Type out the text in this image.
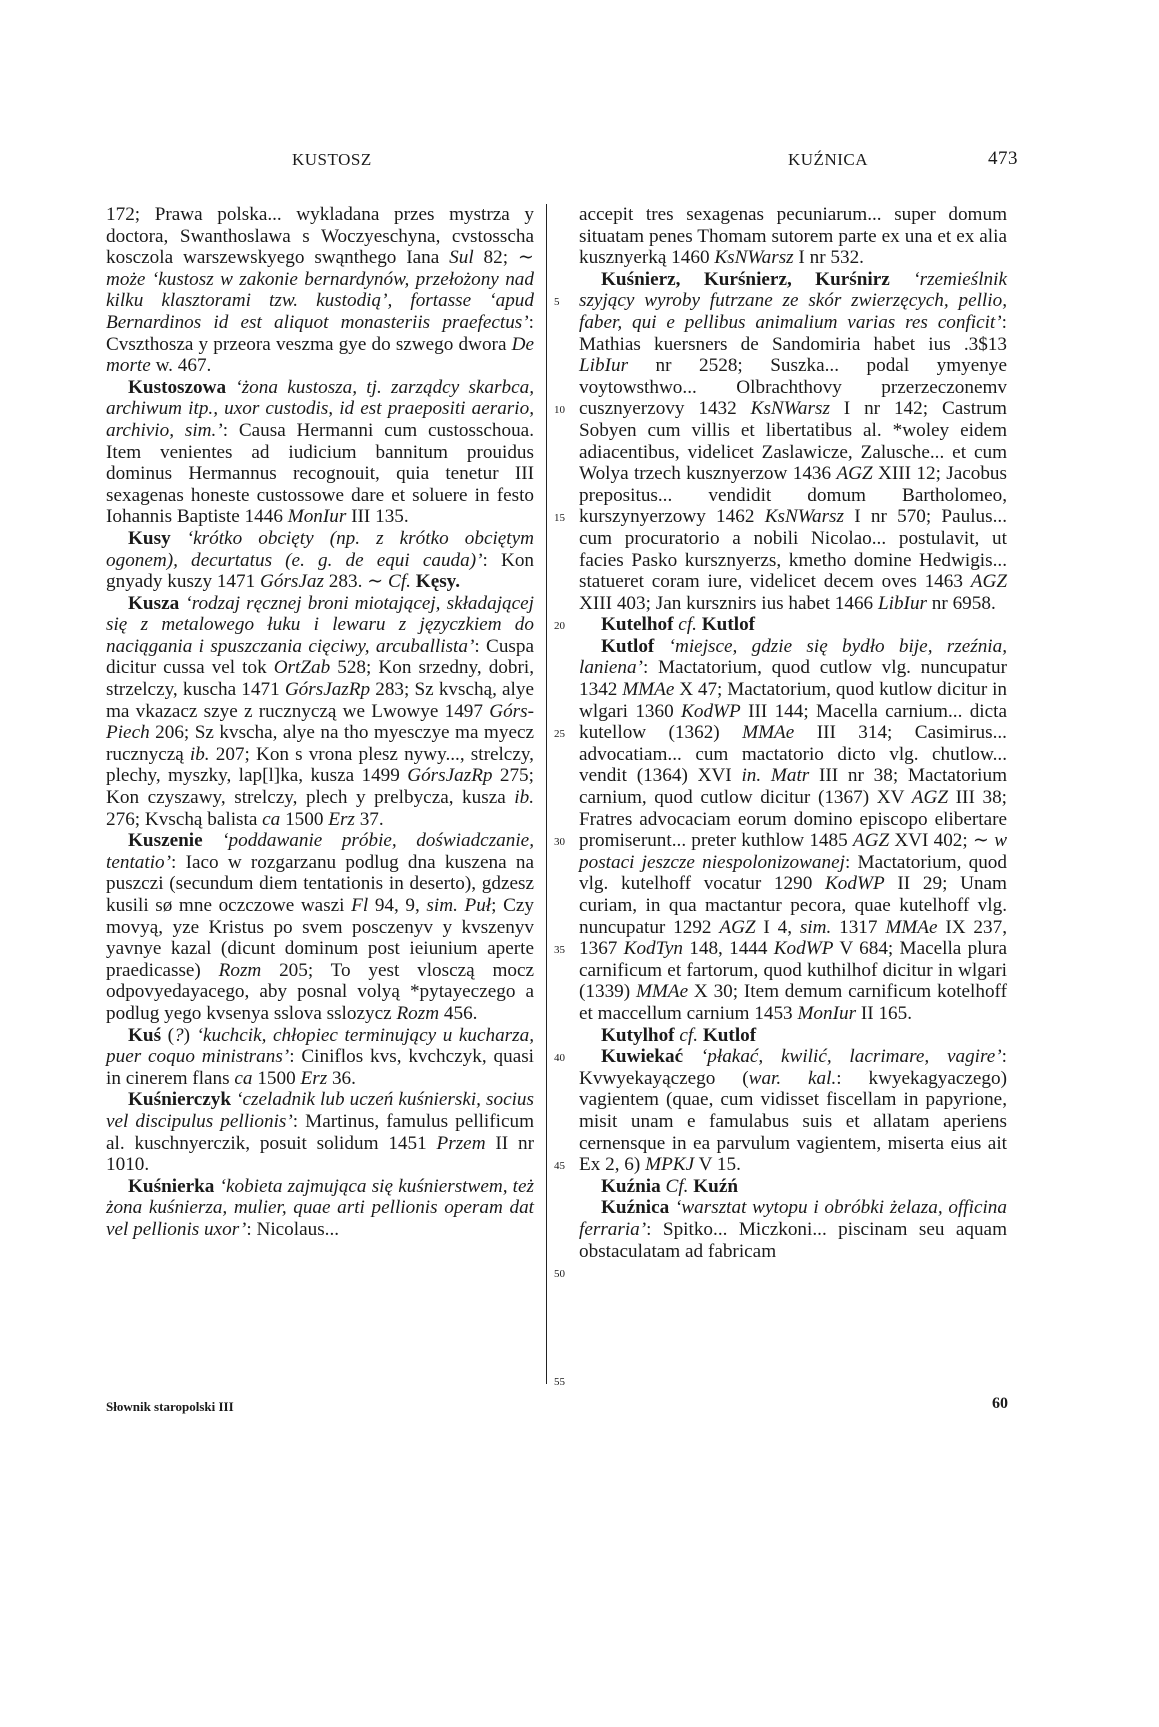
KUSTOSZ	KUŹNICA	473

172; Prawa polska... wykladana przes mystrza y doctora, Swanthoslawa s Woczyeschyna, cvstosscha kosczola warszewskyego swąnthego Iana Sul 82; ∼ może ‘kustosz w zakonie bernardynów, przełożony nad kilku klasztorami tzw. kustodią’, fortasse ‘apud Bernardinos id est aliquot monasteriis praefectus’: Cvszthosza y przeora veszma gye do szwego dwora De morte w. 467.

Kustoszowa ‘żona kustosza, tj. zarządcy skarbca, archiwum itp., uxor custodis, id est praepositi aerario, archivio, sim.’: Causa Hermanni cum custosschoua. Item venientes ad iudicium bannitum prouidus dominus Hermannus recognouit, quia tenetur III sexagenas honeste custossowe dare et soluere in festo Iohannis Baptiste 1446 MonIur III 135.

Kusy ‘krótko obcięty (np. z krótko obciętym ogonem), decurtatus (e. g. de equi cauda)’: Kon gnyady kuszy 1471 GórsJaz 283. ∼ Cf. Kęsy.

Kusza ‘rodzaj ręcznej broni miotającej, składającej się z metalowego łuku i lewaru z języczkiem do naciągania i spuszczania cięciwy, arcuballista’: Cuspa dicitur cussa vel tok OrtZab 528; Kon srzedny, dobri, strzelczy, kuscha 1471 GórsJazRp 283; Sz kvschą, alye ma vkazacz szye z rucznyczą we Lwowye 1497 Górs-Piech 206; Sz kvscha, alye na tho myesczye ma myecz rucznyczą ib. 207; Kon s vrona plesz nywy..., strelczy, plechy, myszky, lap[l]ka, kusza 1499 GórsJazRp 275; Kon czyszawy, strelczy, plech y prelbycza, kusza ib. 276; Kvschą balista ca 1500 Erz 37.

Kuszenie ‘poddawanie próbie, doświadczanie, tentatio’: Iaco w rozgarzanu podlug dna kuszena na puszczi (secundum diem tentationis in deserto), gdzesz kusili sø mne oczczowe waszi Fl 94, 9, sim. Puł; Czy movyą, yze Kristus po svem posczenyv y kvszenyv yavnye kazal (dicunt dominum post ieiunium aperte praedicasse) Rozm 205; To yest vlosczą mocz odpovyedayacego, aby posnal volyą *pytayeczego a podlug yego kvsenya sslova sslozycz Rozm 456.

Kuś (?) ‘kuchcik, chłopiec terminujący u kucharza, puer coquo ministrans’: Ciniflos kvs, kvchczyk, quasi in cinerem flans ca 1500 Erz 36.

Kuśnierczyk ‘czeladnik lub uczeń kuśnierski, socius vel discipulus pellionis’: Martinus, famulus pellificum al. kuschnyerczik, posuit solidum 1451 Przem II nr 1010.

Kuśnierka ‘kobieta zajmująca się kuśnierstwem, też żona kuśnierza, mulier, quae arti pellionis operam dat vel pellionis uxor’: Nicolaus...

5
10
15
20
25
30
35
40
45
50
55

accepit tres sexagenas pecuniarum... super domum situatam penes Thomam sutorem parte ex una et ex alia kusznyerką 1460 KsNWarsz I nr 532.

Kuśnierz, Kurśnierz, Kurśnirz ‘rzemieślnik szyjący wyroby futrzane ze skór zwierzęcych, pellio, faber, qui e pellibus animalium varias res conficit’: Mathias kuersners de Sandomiria habet ius .3$13 LibIur nr 2528; Suszka... podal ymyenye voytowsthwo... Olbrachthovy przerzeczonemv cusznyerzovy 1432 KsNWarsz I nr 142; Castrum Sobyen cum villis et libertatibus al. *woley eidem adiacentibus, videlicet Zaslawicze, Zalusche... et cum Wolya trzech kusznyerzow 1436 AGZ XIII 12; Jacobus prepositus... vendidit domum Bartholomeo, kurszynyerzowy 1462 KsNWarsz I nr 570; Paulus... cum procuratorio a nobili Nicolao... postulavit, ut facies Pasko kursznyerzs, kmetho domine Hedwigis... statueret coram iure, videlicet decem oves 1463 AGZ XIII 403; Jan kursznirs ius habet 1466 LibIur nr 6958.

Kutelhof cf. Kutlof

Kutlof ‘miejsce, gdzie się bydło bije, rzeźnia, laniena’: Mactatorium, quod cutlow vlg. nuncupatur 1342 MMAe X 47; Mactatorium, quod kutlow dicitur in wlgari 1360 KodWP III 144; Macella carnium... dicta kutellow (1362) MMAe III 314; Casimirus... advocatiam... cum mactatorio dicto vlg. chutlow... vendit (1364) XVI in. Matr III nr 38; Mactatorium carnium, quod cutlow dicitur (1367) XV AGZ III 38; Fratres advocaciam eorum domino episcopo elibertare promiserunt... preter kuthlow 1485 AGZ XVI 402; ∼ w postaci jeszcze niespolonizowanej: Mactatorium, quod vlg. kutelhoff vocatur 1290 KodWP II 29; Unam curiam, in qua mactantur pecora, quae kutelhoff vlg. nuncupatur 1292 AGZ I 4, sim. 1317 MMAe IX 237, 1367 KodTyn 148, 1444 KodWP V 684; Macella plura carnificum et fartorum, quod kuthilhof dicitur in wlgari (1339) MMAe X 30; Item demum carnificum kotelhoff et maccellum carnium 1453 MonIur II 165.

Kutylhof cf. Kutlof

Kuwiekać ‘płakać, kwilić, lacrimare, vagire’: Kvwyekayączego (war. kal.: kwyekagyaczego) vagientem (quae, cum vidisset fiscellam in papyrione, misit unam e famulabus suis et allatam aperiens cernensque in ea parvulum vagientem, miserta eius ait Ex 2, 6) MPKJ V 15.

Kuźnia Cf. Kuźń

Kuźnica ‘warsztat wytopu i obróbki żelaza, officina ferraria’: Spitko... Miczkoni... piscinam seu aquam obstaculatam ad fabricam

Słownik staropolski III	60
